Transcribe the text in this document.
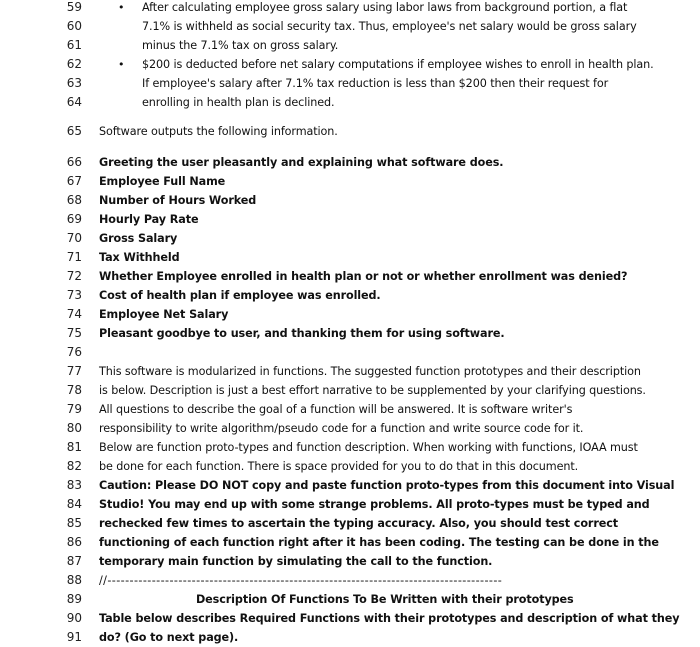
59	• After calculating employee gross salary using labor laws from background portion, a flat
60	7.1% is withheld as social security tax. Thus, employee's net salary would be gross salary
61	minus the 7.1% tax on gross salary.
62	• $200 is deducted before net salary computations if employee wishes to enroll in health plan.
63	If employee's salary after 7.1% tax reduction is less than $200 then their request for
64	enrolling in health plan is declined.
65 Software outputs the following information.
66 Greeting the user pleasantly and explaining what software does.
67 Employee Full Name
68 Number of Hours Worked
69 Hourly Pay Rate
70 Gross Salary
71 Tax Withheld
72 Whether Employee enrolled in health plan or not or whether enrollment was denied?
73 Cost of health plan if employee was enrolled.
74 Employee Net Salary
75 Pleasant goodbye to user, and thanking them for using software.
76
77 This software is modularized in functions. The suggested function prototypes and their description
78 is below. Description is just a best effort narrative to be supplemented by your clarifying questions.
79 All questions to describe the goal of a function will be answered. It is software writer's
80 responsibility to write algorithm/pseudo code for a function and write source code for it.
81 Below are function proto-types and function description. When working with functions, IOAA must
82 be done for each function. There is space provided for you to do that in this document.
83 Caution: Please DO NOT copy and paste function proto-types from this document into Visual
84 Studio! You may end up with some strange problems. All proto-types must be typed and
85 rechecked few times to ascertain the typing accuracy. Also, you should test correct
86 functioning of each function right after it has been coding. The testing can be done in the
87 temporary main function by simulating the call to the function.
88 //-----------------------------------------------------------------------------------------
89	Description Of Functions To Be Written with their prototypes
90 Table below describes Required Functions with their prototypes and description of what they
91 do? (Go to next page).
